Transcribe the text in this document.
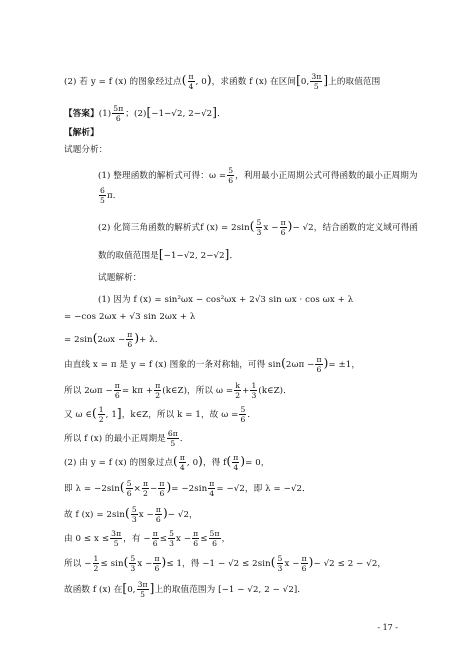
(2) 若 y = f (x) 的图象经过点( $\frac{\pi}{4}$ , 0)，求函数 f (x) 在区间[0, $\frac{3\pi}{5}$ ]上的取值范围
【答案】$(1) \frac{5\pi}{6}$ ；(2)[−1−√2, 2−√2]．
【解析】
试题分析：
(1) 整理函数的解析式可得：$\omega = \frac{5}{6}$ ，利用最小正周期公式可得函数的最小正周期为
$\frac{6}{5}$ π．
(2) 化简三角函数的解析式f $(x) = 2\sin( \frac{5}{3}$ $x - \frac{\pi}{6}$ )− √2，结合函数的定义域可得函
数的取值范围是[−1−√2, 2−√2]．
试题解析：
(1) 因为 f (x) = sin²ωx − cos²ωx + 2√3 sin ωx · cos ωx + λ
= −cos 2ωx + √3 sin 2ωx + λ
= $2\sin(2\omega x - \frac{\pi}{6}$ )+ λ．
由直线 x = π 是 y = f (x) 图象的一条对称轴，可得 $\sin(2\omega\pi - \frac{\pi}{6}$ )= ±1，
所以 $2\omega\pi - \frac{\pi}{6} = k\pi + \frac{\pi}{2}$ (k∈Z)，所以 $\omega = \frac{k}{2} + \frac{1}{3}$ (k∈Z)．
又 ω ∈( $\frac{1}{2}$ , 1]，k∈Z，所以 k = 1，故 $\omega = \frac{5}{6}$ ．
所以 f (x) 的最小正周期是 $\frac{6\pi}{5}$ ．
(2) 由 y = f (x) 的图象过点( $\frac{\pi}{4}$ , 0)，得 $f( \frac{\pi}{4}$ )= 0，
即 $\lambda = -2\sin( \frac{5}{6} \times \frac{\pi}{2} - \frac{\pi}{6}$ )= $-2\sin \frac{\pi}{4} = -√2$，即 λ = −√2．
故 f $(x) = 2\sin( \frac{5}{3}$ $x - \frac{\pi}{6}$ )− √2，
由 $0 \le x \le \frac{3\pi}{5}$ ，有 − $\frac{\pi}{6} \le \frac{5}{3}$ $x - \frac{\pi}{6} \le \frac{5\pi}{6}$ ，
所以 − $\frac{1}{2} \le \sin( \frac{5}{3}$ $x - \frac{\pi}{6}$ )≤ 1，得 $-1 - √2 \le 2\sin( \frac{5}{3}$ $x - \frac{\pi}{6}$ )− √2 ≤ 2 − √2，
故函数 f (x) 在[0, $\frac{3\pi}{5}$ ]上的取值范围为 [−1 − √2, 2 − √2]．
- 17 -
